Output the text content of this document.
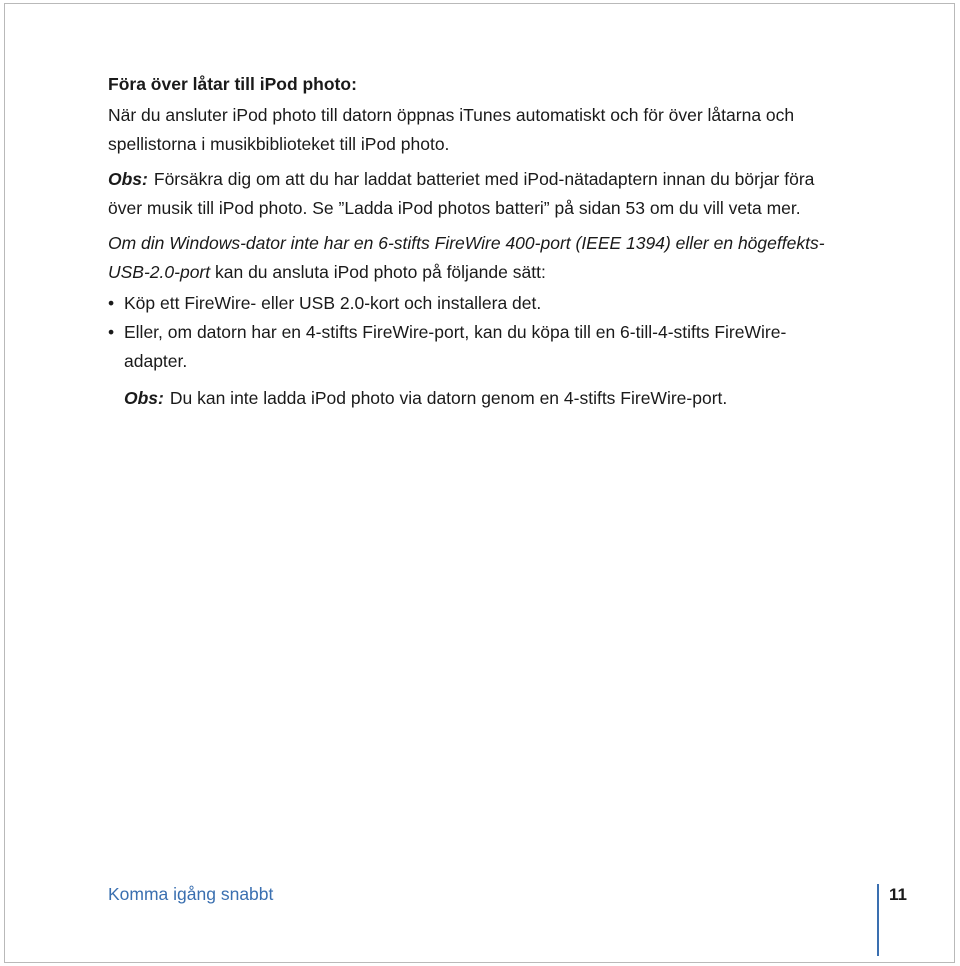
Föra över låtar till iPod photo:

När du ansluter iPod photo till datorn öppnas iTunes automatiskt och för över låtarna och spellistorna i musikbiblioteket till iPod photo.

Obs: Försäkra dig om att du har laddat batteriet med iPod-nätadaptern innan du börjar föra över musik till iPod photo. Se ”Ladda iPod photos batteri” på sidan 53 om du vill veta mer.

Om din Windows-dator inte har en 6-stifts FireWire 400-port (IEEE 1394) eller en högeffekts-USB-2.0-port kan du ansluta iPod photo på följande sätt:

• Köp ett FireWire- eller USB 2.0-kort och installera det.
• Eller, om datorn har en 4-stifts FireWire-port, kan du köpa till en 6-till-4-stifts FireWire-adapter.

Obs: Du kan inte ladda iPod photo via datorn genom en 4-stifts FireWire-port.

Komma igång snabbt	11
